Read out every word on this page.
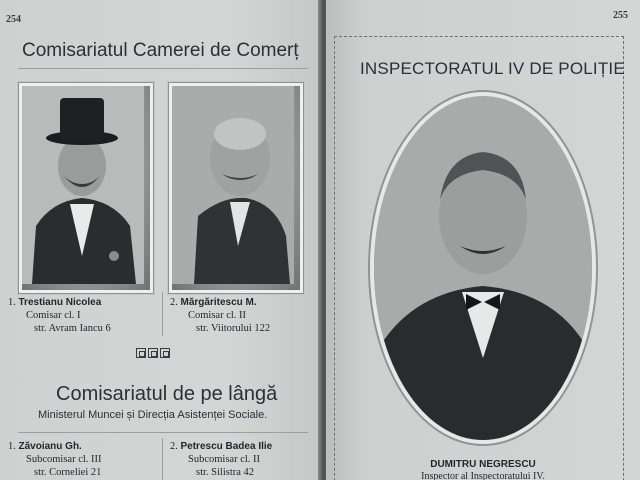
254
Comisariatul Camerei de Comerț
1. Trestianu Nicolea
Comisar cl. I
str. Avram Iancu 6
2. Mărgăritescu M.
Comisar cl. II
str. Viitorului 122
Comisariatul de pe lângă
Ministerul Muncei și Direcția Asistenței Sociale.
1. Zăvoianu Gh.
Subcomisar cl. III
str. Corneliei 21
2. Petrescu Badea Ilie
Subcomisar cl. II
str. Silistra 42
255
INSPECTORATUL IV DE POLIȚIE
DUMITRU NEGRESCU
Inspector al Inspectoratului IV.
